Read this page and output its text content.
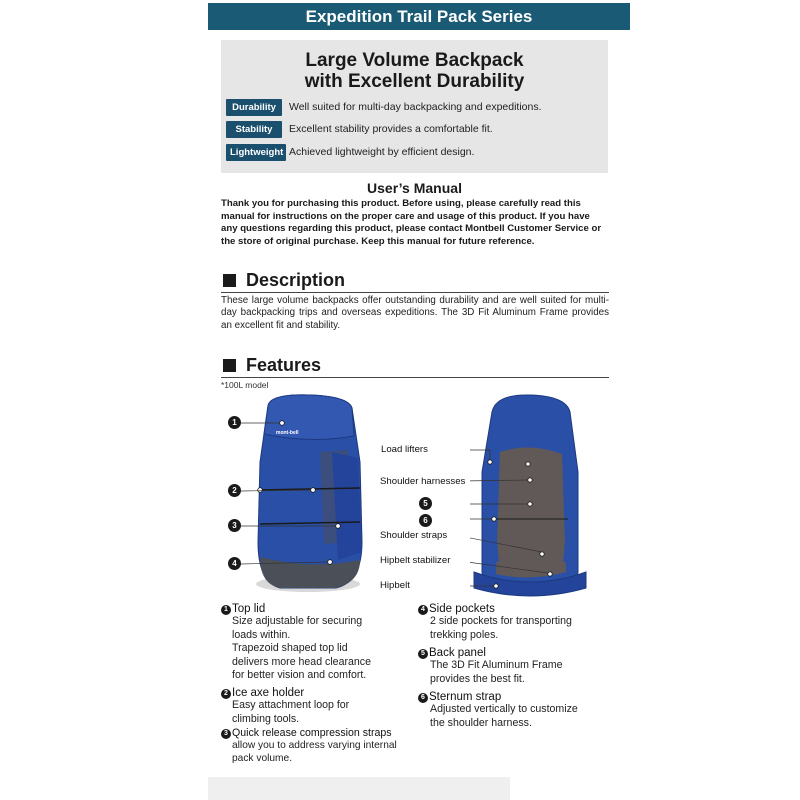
Expedition Trail Pack Series
Large Volume Backpack
with Excellent Durability
Durability	Well suited for multi-day backpacking and expeditions.
Stability	Excellent stability provides a comfortable fit.
Lightweight Achieved lightweight by efficient design.
User’s Manual
Thank you for purchasing this product. Before using, please carefully read this manual for instructions on the proper care and usage of this product. If you have any questions regarding this product, please contact Montbell Customer Service or the store of original purchase. Keep this manual for future reference.
Description
These large volume backpacks offer outstanding durability and are well suited for multi-day backpacking trips and overseas expeditions. The 3D Fit Aluminum Frame provides an excellent fit and stability.
Features
*100L model
mont-bell
1
2
3
4
Load lifters
Shoulder harnesses
5
6
Shoulder straps
Hipbelt stabilizer
Hipbelt
1 Top lid
Size adjustable for securing
loads within.
Trapezoid shaped top lid
delivers more head clearance
for better vision and comfort.
2 Ice axe holder
Easy attachment loop for
climbing tools.
3 Quick release compression straps
allow you to address varying internal
pack volume.
4 Side pockets
2 side pockets for transporting
trekking poles.
5 Back panel
The 3D Fit Aluminum Frame
provides the best fit.
6 Sternum strap
Adjusted vertically to customize
the shoulder harness.
